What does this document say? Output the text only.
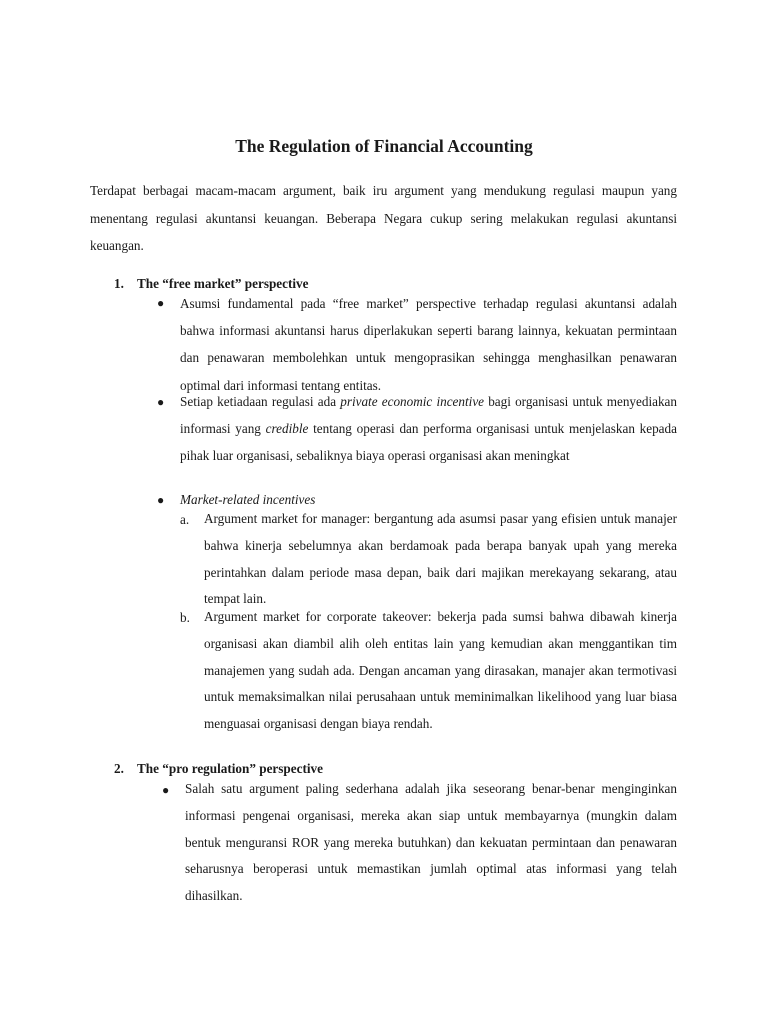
The Regulation of Financial Accounting

Terdapat berbagai macam-macam argument, baik iru argument yang mendukung regulasi maupun yang menentang regulasi akuntansi keuangan. Beberapa Negara cukup sering melakukan regulasi akuntansi keuangan.

1. The “free market” perspective
● Asumsi fundamental pada “free market” perspective terhadap regulasi akuntansi adalah bahwa informasi akuntansi harus diperlakukan seperti barang lainnya, kekuatan permintaan dan penawaran membolehkan untuk mengoprasikan sehingga menghasilkan penawaran optimal dari informasi tentang entitas.

● Setiap ketiadaan regulasi ada private economic incentive bagi organisasi untuk menyediakan informasi yang credible tentang operasi dan performa organisasi untuk menjelaskan kepada pihak luar organisasi, sebaliknya biaya operasi organisasi akan meningkat

● Market-related incentives

a. Argument market for manager: bergantung ada asumsi pasar yang efisien untuk manajer bahwa kinerja sebelumnya akan berdamoak pada berapa banyak upah yang mereka perintahkan dalam periode masa depan, baik dari majikan merekayang sekarang, atau tempat lain.

b. Argument market for corporate takeover: bekerja pada sumsi bahwa dibawah kinerja organisasi akan diambil alih oleh entitas lain yang kemudian akan menggantikan tim manajemen yang sudah ada. Dengan ancaman yang dirasakan, manajer akan termotivasi untuk memaksimalkan nilai perusahaan untuk meminimalkan likelihood yang luar biasa menguasai organisasi dengan biaya rendah.

2. The “pro regulation” perspective
● Salah satu argument paling sederhana adalah jika seseorang benar-benar menginginkan informasi pengenai organisasi, mereka akan siap untuk membayarnya (mungkin dalam bentuk menguransi ROR yang mereka butuhkan) dan kekuatan permintaan dan penawaran seharusnya beroperasi untuk memastikan jumlah optimal atas informasi yang telah dihasilkan.
